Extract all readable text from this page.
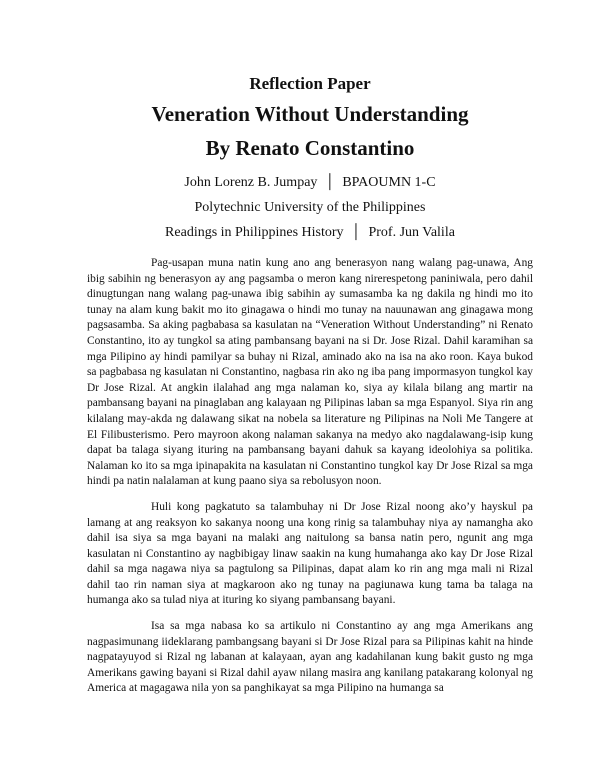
Reflection Paper
Veneration Without Understanding
By Renato Constantino
John Lorenz B. Jumpay │ BPAOUMN 1-C
Polytechnic University of the Philippines
Readings in Philippines History │ Prof. Jun Valila

Pag-usapan muna natin kung ano ang benerasyon nang walang pag-unawa, Ang ibig sabihin ng benerasyon ay ang pagsamba o meron kang nirerespetong paniniwala, pero dahil dinugtungan nang walang pag-unawa ibig sabihin ay sumasamba ka ng dakila ng hindi mo ito tunay na alam kung bakit mo ito ginagawa o hindi mo tunay na nauunawan ang ginagawa mong pagsasamba. Sa aking pagbabasa sa kasulatan na “Veneration Without Understanding” ni Renato Constantino, ito ay tungkol sa ating pambansang bayani na si Dr. Jose Rizal. Dahil karamihan sa mga Pilipino ay hindi pamilyar sa buhay ni Rizal, aminado ako na isa na ako roon. Kaya bukod sa pagbabasa ng kasulatan ni Constantino, nagbasa rin ako ng iba pang impormasyon tungkol kay Dr Jose Rizal. At angkin ilalahad ang mga nalaman ko, siya ay kilala bilang ang martir na pambansang bayani na pinaglaban ang kalayaan ng Pilipinas laban sa mga Espanyol. Siya rin ang kilalang may-akda ng dalawang sikat na nobela sa literature ng Pilipinas na Noli Me Tangere at El Filibusterismo. Pero mayroon akong nalaman sakanya na medyo ako nagdalawang-isip kung dapat ba talaga siyang ituring na pambansang bayani dahuk sa kayang ideolohiya sa politika. Nalaman ko ito sa mga ipinapakita na kasulatan ni Constantino tungkol kay Dr Jose Rizal sa mga hindi pa natin nalalaman at kung paano siya sa rebolusyon noon.

Huli kong pagkatuto sa talambuhay ni Dr Jose Rizal noong ako’y hayskul pa lamang at ang reaksyon ko sakanya noong una kong rinig sa talambuhay niya ay namangha ako dahil isa siya sa mga bayani na malaki ang naitulong sa bansa natin pero, ngunit ang mga kasulatan ni Constantino ay nagbibigay linaw saakin na kung humahanga ako kay Dr Jose Rizal dahil sa mga nagawa niya sa pagtulong sa Pilipinas, dapat alam ko rin ang mga mali ni Rizal dahil tao rin naman siya at magkaroon ako ng tunay na pagiunawa kung tama ba talaga na humanga ako sa tulad niya at ituring ko siyang pambansang bayani.

Isa sa mga nabasa ko sa artikulo ni Constantino ay ang mga Amerikans ang nagpasimunang iideklarang pambangsang bayani si Dr Jose Rizal para sa Pilipinas kahit na hinde nagpatayuyod si Rizal ng labanan at kalayaan, ayan ang kadahilanan kung bakit gusto ng mga Amerikans gawing bayani si Rizal dahil ayaw nilang masira ang kanilang patakarang kolonyal ng America at magagawa nila yon sa panghikayat sa mga Pilipino na humanga sa
